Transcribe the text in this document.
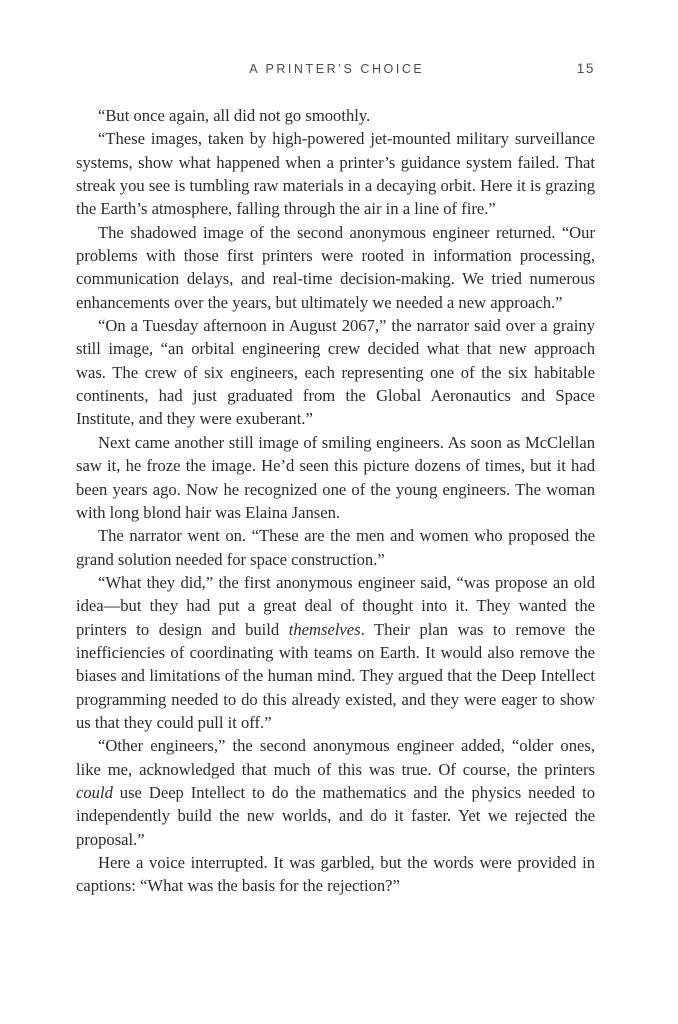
A PRINTER’S CHOICE	15

“But once again, all did not go smoothly.

“These images, taken by high-powered jet-mounted military surveillance systems, show what happened when a printer’s guidance system failed. That streak you see is tumbling raw materials in a decaying orbit. Here it is grazing the Earth’s atmosphere, falling through the air in a line of fire.”

The shadowed image of the second anonymous engineer returned. “Our problems with those first printers were rooted in information processing, communication delays, and real-time decision-making. We tried numerous enhancements over the years, but ultimately we needed a new approach.”

“On a Tuesday afternoon in August 2067,” the narrator said over a grainy still image, “an orbital engineering crew decided what that new approach was. The crew of six engineers, each representing one of the six habitable continents, had just graduated from the Global Aeronautics and Space Institute, and they were exuberant.”

Next came another still image of smiling engineers. As soon as McClellan saw it, he froze the image. He’d seen this picture dozens of times, but it had been years ago. Now he recognized one of the young engineers. The woman with long blond hair was Elaina Jansen.

The narrator went on. “These are the men and women who proposed the grand solution needed for space construction.”

“What they did,” the first anonymous engineer said, “was propose an old idea—but they had put a great deal of thought into it. They wanted the printers to design and build themselves. Their plan was to remove the inefficiencies of coordinating with teams on Earth. It would also remove the biases and limitations of the human mind. They argued that the Deep Intellect programming needed to do this already existed, and they were eager to show us that they could pull it off.”

“Other engineers,” the second anonymous engineer added, “older ones, like me, acknowledged that much of this was true. Of course, the printers could use Deep Intellect to do the mathematics and the physics needed to independently build the new worlds, and do it faster. Yet we rejected the proposal.”

Here a voice interrupted. It was garbled, but the words were provided in captions: “What was the basis for the rejection?”
